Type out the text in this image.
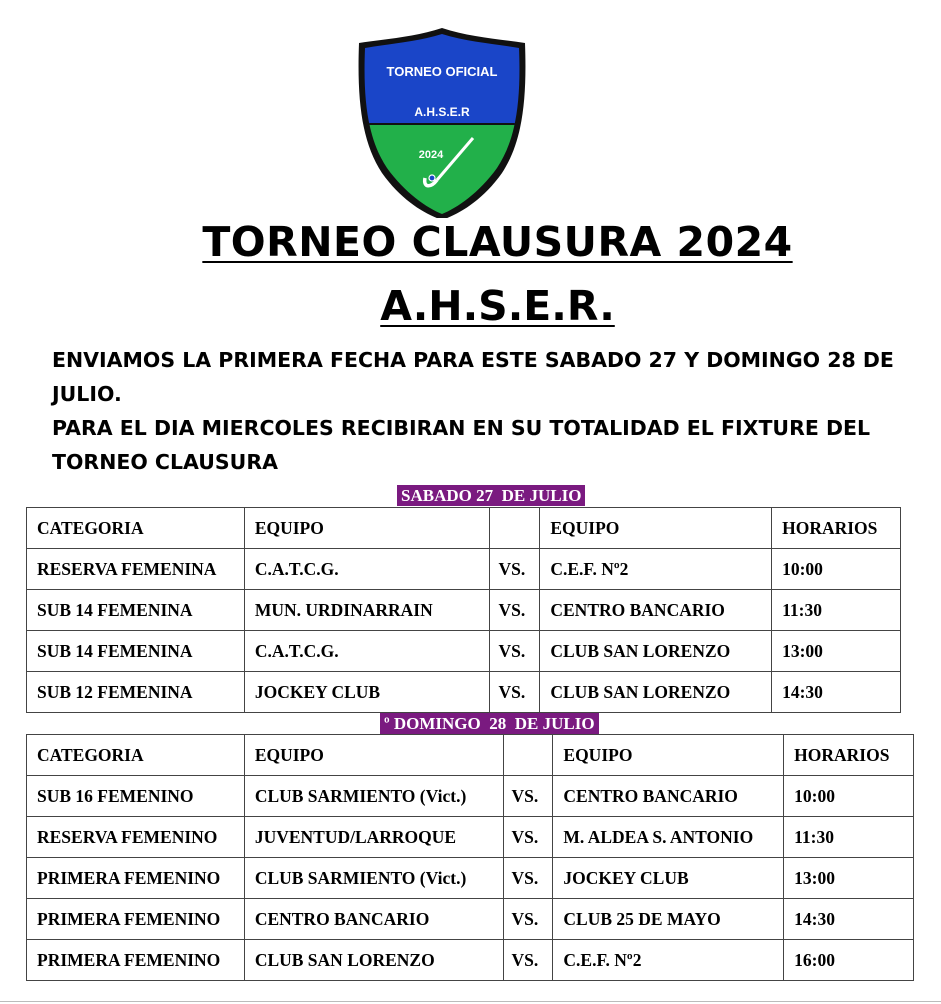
TORNEO OFICIAL
A.H.S.E.R
2024
TORNEO CLAUSURA 2024
A.H.S.E.R.

ENVIAMOS LA PRIMERA FECHA PARA ESTE SABADO 27 Y DOMINGO 28 DE JULIO.

PARA EL DIA MIERCOLES RECIBIRAN EN SU TOTALIDAD EL FIXTURE DEL TORNEO CLAUSURA

SABADO 27  DE JULIO
CATEGORIA	EQUIPO		EQUIPO	HORARIOS
RESERVA FEMENINA	C.A.T.C.G.	VS.	C.E.F. Nº2	10:00
SUB 14 FEMENINA	MUN. URDINARRAIN	VS.	CENTRO BANCARIO	11:30
SUB 14 FEMENINA	C.A.T.C.G.	VS.	CLUB SAN LORENZO	13:00
SUB 12 FEMENINA	JOCKEY CLUB	VS.	CLUB SAN LORENZO	14:30
º DOMINGO  28  DE JULIO
CATEGORIA	EQUIPO		EQUIPO	HORARIOS
SUB 16 FEMENINO	CLUB SARMIENTO (Vict.)	VS.	CENTRO BANCARIO	10:00
RESERVA FEMENINO	JUVENTUD/LARROQUE	VS.	M. ALDEA S. ANTONIO	11:30
PRIMERA FEMENINO	CLUB SARMIENTO (Vict.)	VS.	JOCKEY CLUB	13:00
PRIMERA FEMENINO	CENTRO BANCARIO	VS.	CLUB 25 DE MAYO	14:30
PRIMERA FEMENINO	CLUB SAN LORENZO	VS.	C.E.F. Nº2	16:00
